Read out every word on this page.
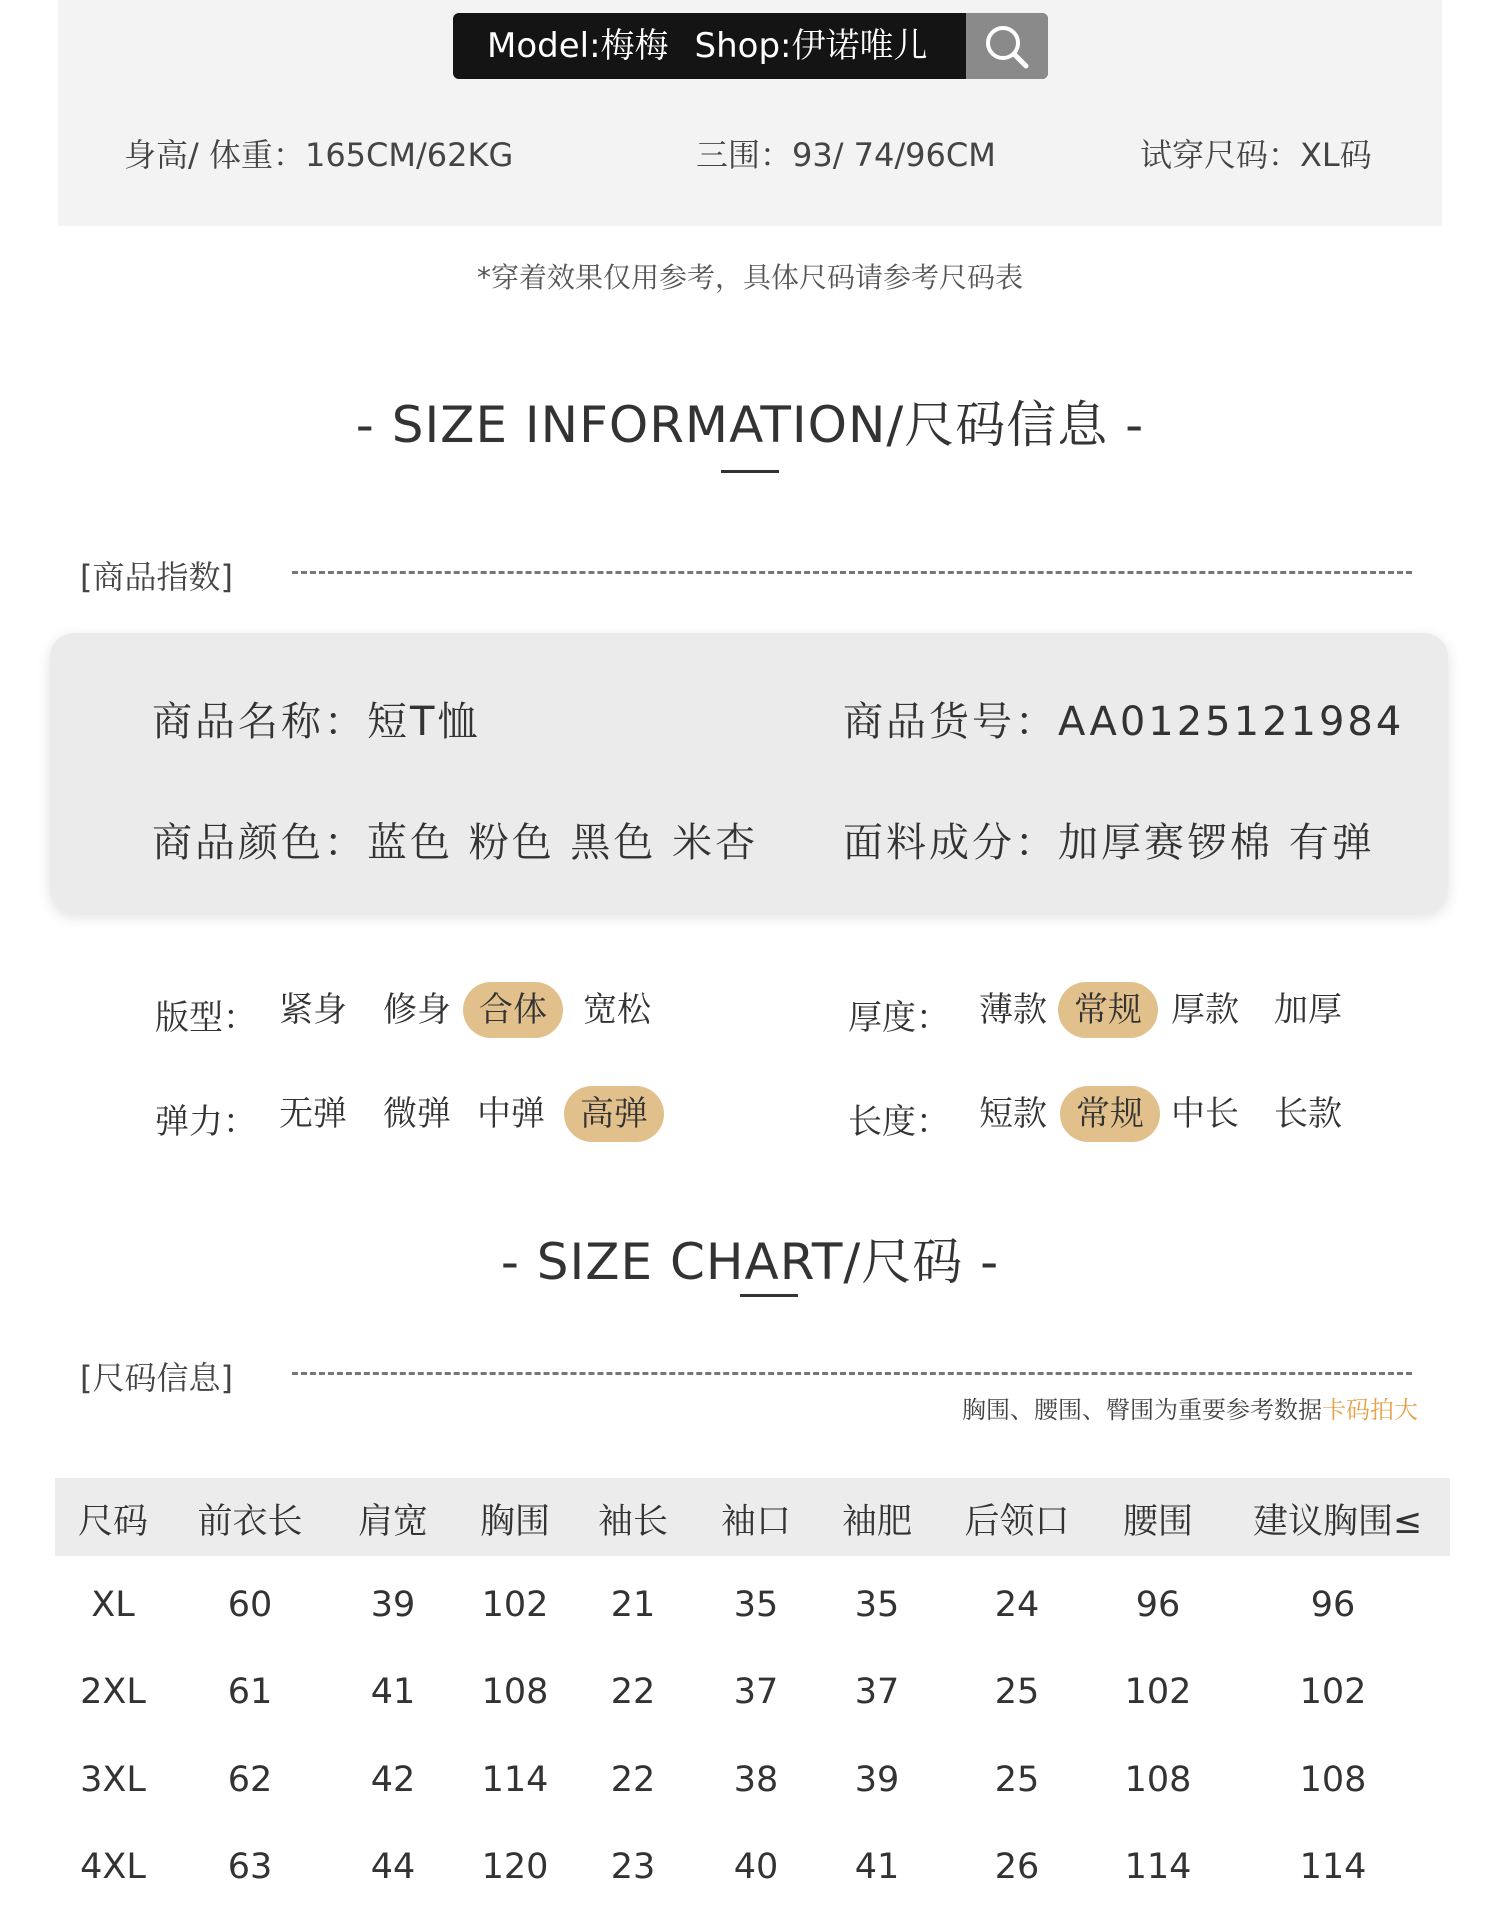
Model:梅梅 Shop:伊诺唯儿
身高/ 体重：165CM/62KG	三围：93/ 74/96CM	试穿尺码：XL码
*穿着效果仅用参考，具体尺码请参考尺码表
- SIZE INFORMATION/尺码信息 -
[商品指数]
商品名称：短T恤	商品货号：AA0125121984
商品颜色：蓝色 粉色 黑色 米杏 面料成分：加厚赛锣棉 有弹
版型： 紧身	修身 合体	宽松	厚度： 薄款 常规 厚款	加厚
弹力： 无弹	微弹 中弹	高弹	长度： 短款 常规 中长	长款
- SIZE CHART/尺码 -
[尺码信息]
胸围、腰围、臀围为重要参考数据卡码拍大
尺码	前衣长	肩宽	胸围	袖长	袖口	袖肥	后领口	腰围	建议胸围≤
XL	60	39	102	21	35	35	24	96	96
2XL	61	41	108	22	37	37	25	102	102
3XL	62	42	114	22	38	39	25	108	108
4XL	63	44	120	23	40	41	26	114	114
